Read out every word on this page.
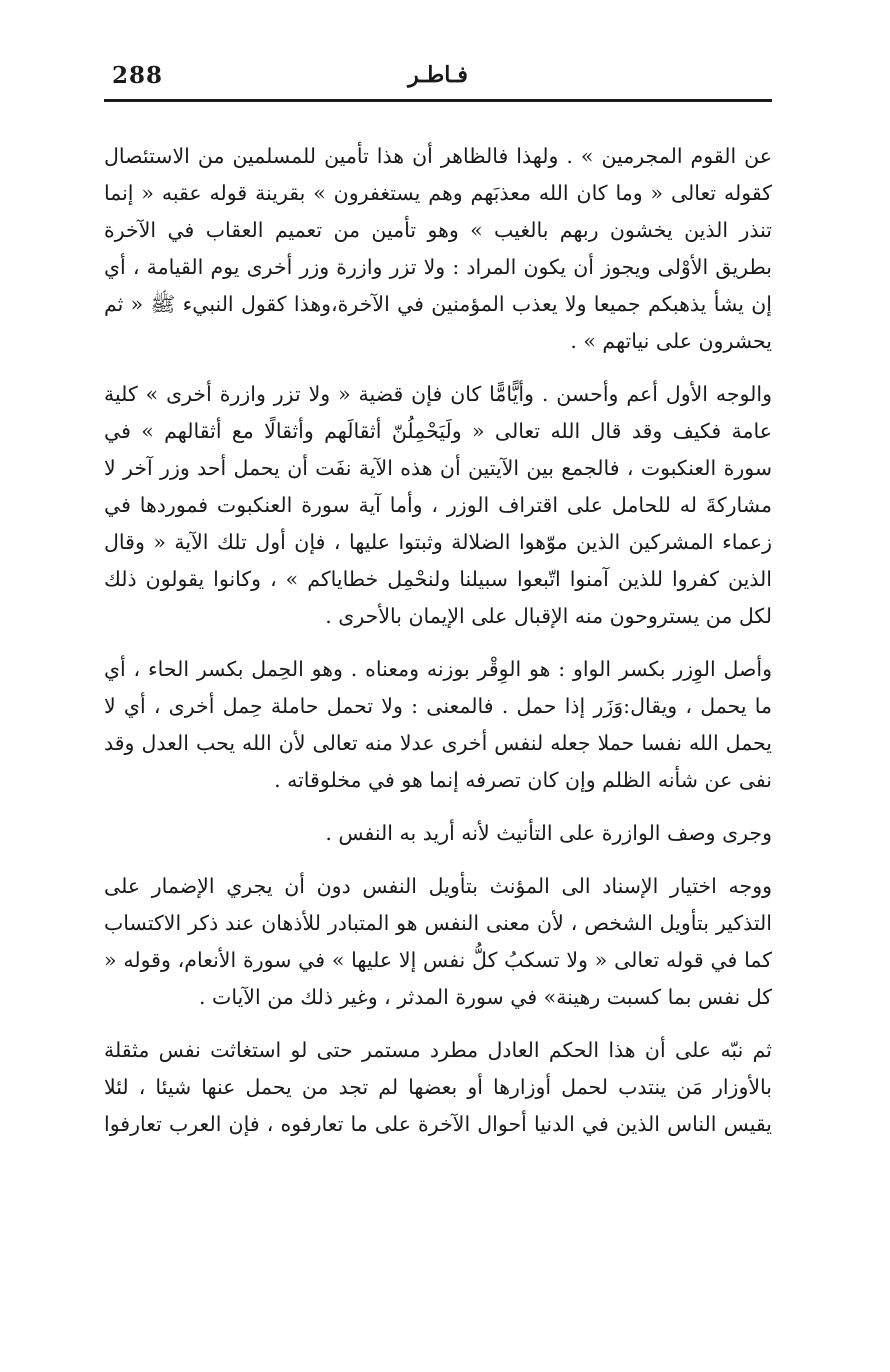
288	فـاطـر

عن القوم المجرمين » . ولهذا فالظاهر أن هذا تأمين للمسلمين من الاستئصال كقوله تعالى « وما كان الله معذبَهم وهم يستغفرون » بقرينة قوله عقبه « إنما تنذر الذين يخشون ربهم بالغيب » وهو تأمين من تعميم العقاب في الآخرة بطريق الأوْلى ويجوز أن يكون المراد : ولا تزر وازرة وزر أخرى يوم القيامة ، أي إن يشأ يذهبكم جميعا ولا يعذب المؤمنين في الآخرة،وهذا كقول النبيء ﷺ « ثم يحشرون على نياتهم » .

والوجه الأول أعم وأحسن . وأيًّامًّا كان فإن قضية « ولا تزر وازرة أخرى » كلية عامة فكيف وقد قال الله تعالى « ولَيَحْمِلُنّ أثقالَهم وأثقالًا مع أثقالهم » في سورة العنكبوت ، فالجمع بين الآيتين أن هذه الآية نفَت أن يحمل أحد وزر آخر لا مشاركةَ له للحامل على اقتراف الوزر ، وأما آية سورة العنكبوت فموردها في زعماء المشركين الذين موّهوا الضلالة وثبتوا عليها ، فإن أول تلك الآية « وقال الذين كفروا للذين آمنوا اتّبعوا سبيلنا ولنحْمِل خطاياكم » ، وكانوا يقولون ذلك لكل من يستروحون منه الإقبال على الإيمان بالأحرى .

وأصل الوِزر بكسر الواو : هو الوِقْر بوزنه ومعناه . وهو الحِمل بكسر الحاء ، أي ما يحمل ، ويقال:وَزَر إذا حمل . فالمعنى : ولا تحمل حاملة حِمل أخرى ، أي لا يحمل الله نفسا حملا جعله لنفس أخرى عدلا منه تعالى لأن الله يحب العدل وقد نفى عن شأنه الظلم وإن كان تصرفه إنما هو في مخلوقاته .

وجرى وصف الوازرة على التأنيث لأنه أريد به النفس .

ووجه اختيار الإسناد الى المؤنث بتأويل النفس دون أن يجري الإضمار على التذكير بتأويل الشخص ، لأن معنى النفس هو المتبادر للأذهان عند ذكر الاكتساب كما في قوله تعالى « ولا تسكبُ كلُّ نفس إلا عليها » في سورة الأنعام، وقوله « كل نفس بما كسبت رهينة» في سورة المدثر ، وغير ذلك من الآيات .

ثم نبّه على أن هذا الحكم العادل مطرد مستمر حتى لو استغاثت نفس مثقلة بالأوزار مَن ينتدب لحمل أوزارها أو بعضها لم تجد من يحمل عنها شيئا ، لئلا يقيس الناس الذين في الدنيا أحوال الآخرة على ما تعارفوه ، فإن العرب تعارفوا
